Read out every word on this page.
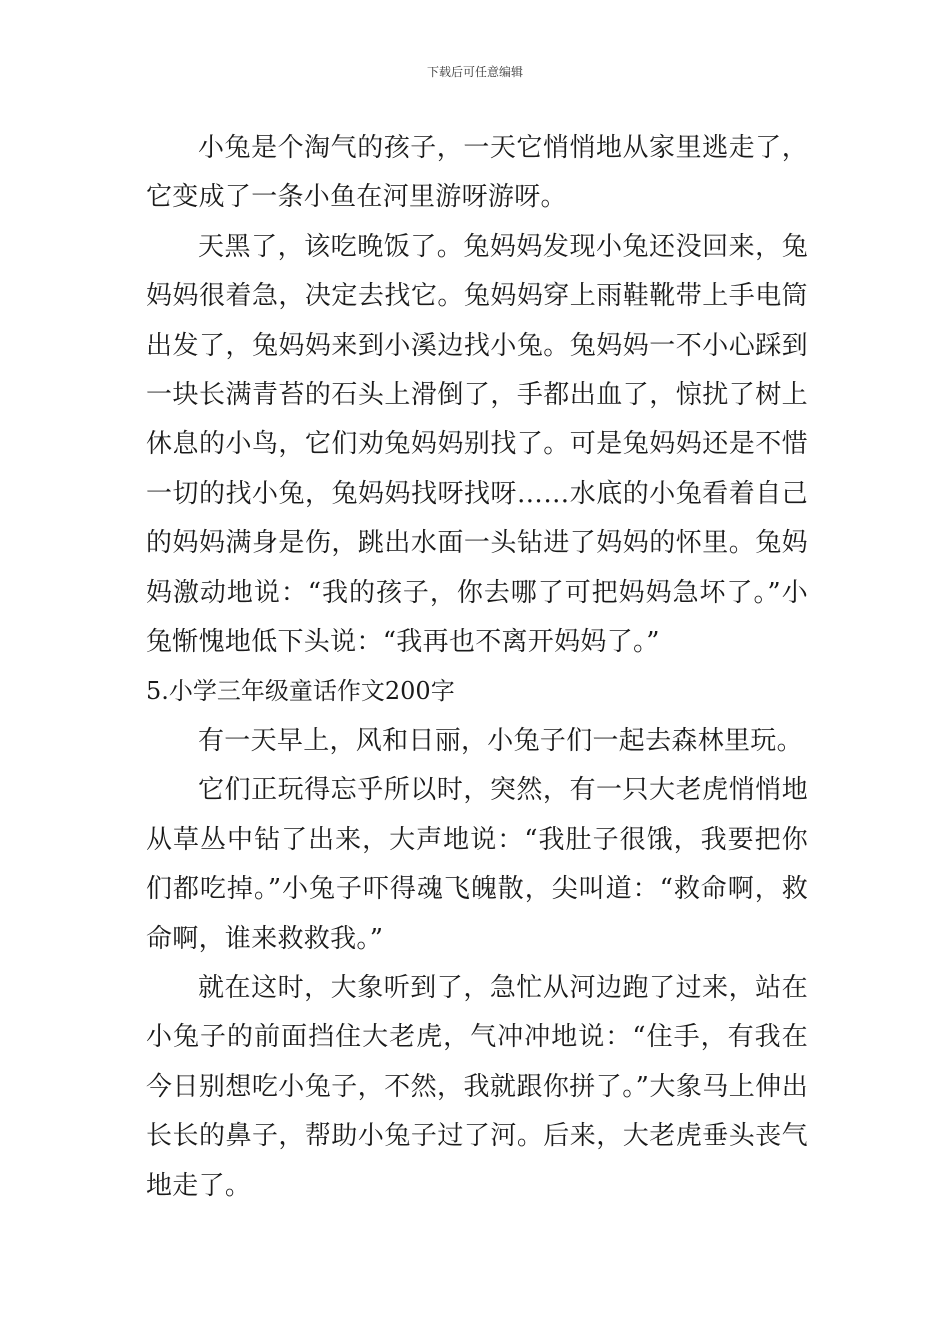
下载后可任意编辑

小兔是个淘气的孩子，一天它悄悄地从家里逃走了，它变成了一条小鱼在河里游呀游呀。

天黑了，该吃晚饭了。兔妈妈发现小兔还没回来，兔妈妈很着急，决定去找它。兔妈妈穿上雨鞋靴带上手电筒出发了，兔妈妈来到小溪边找小兔。兔妈妈一不小心踩到一块长满青苔的石头上滑倒了，手都出血了，惊扰了树上休息的小鸟，它们劝兔妈妈别找了。可是兔妈妈还是不惜一切的找小兔，兔妈妈找呀找呀……水底的小兔看着自己的妈妈满身是伤，跳出水面一头钻进了妈妈的怀里。兔妈妈激动地说：“我的孩子，你去哪了可把妈妈急坏了。”小兔惭愧地低下头说：“我再也不离开妈妈了。”

5.小学三年级童话作文200字

有一天早上，风和日丽，小兔子们一起去森林里玩。

它们正玩得忘乎所以时，突然，有一只大老虎悄悄地从草丛中钻了出来，大声地说：“我肚子很饿，我要把你们都吃掉。”小兔子吓得魂飞魄散，尖叫道：“救命啊，救命啊，谁来救救我。”

就在这时，大象听到了，急忙从河边跑了过来，站在小兔子的前面挡住大老虎，气冲冲地说：“住手，有我在今日别想吃小兔子，不然，我就跟你拼了。”大象马上伸出长长的鼻子，帮助小兔子过了河。后来，大老虎垂头丧气地走了。
